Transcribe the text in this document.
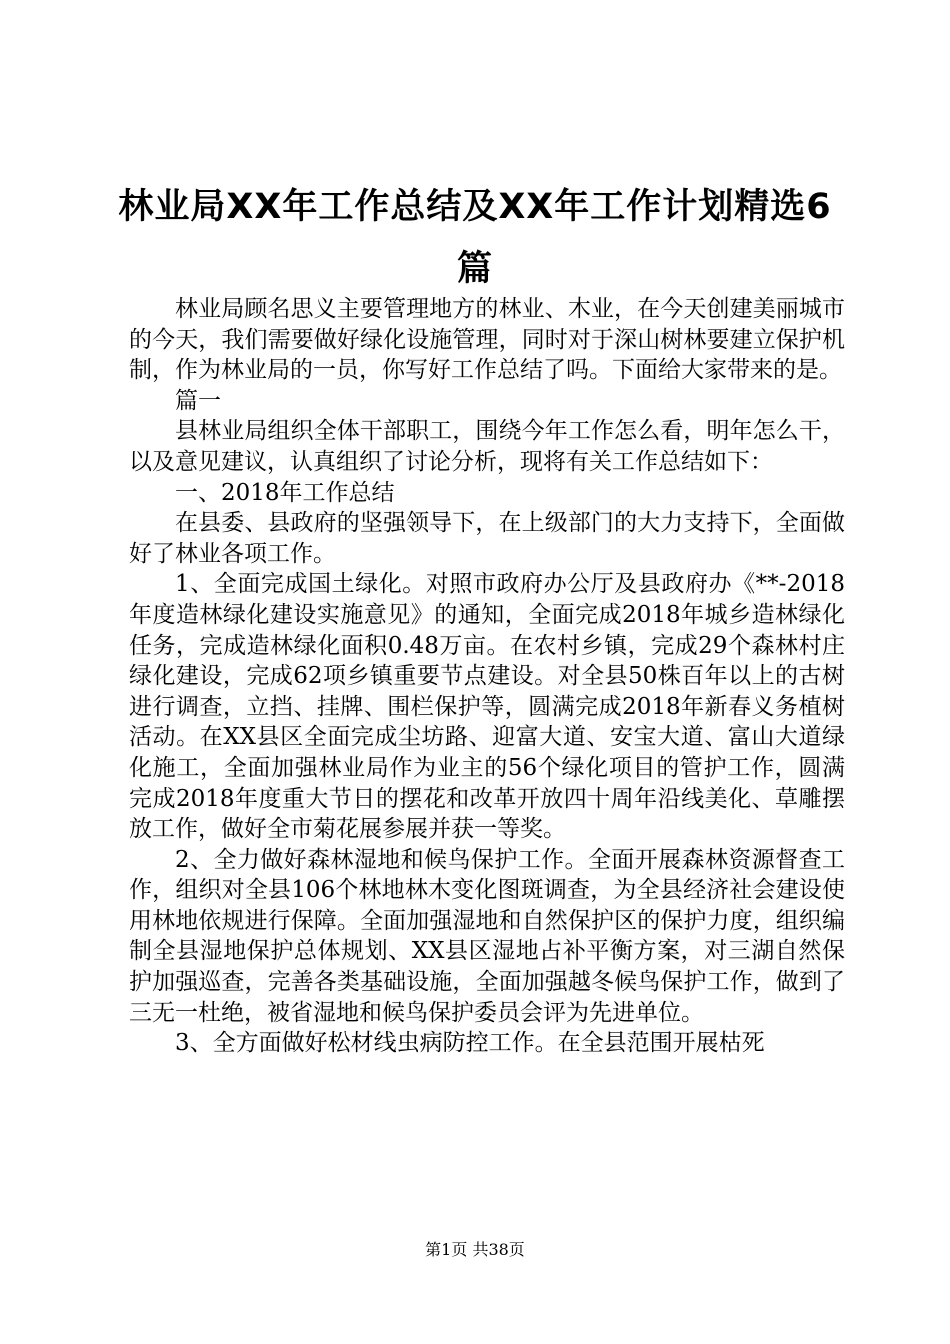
林业局XX年工作总结及XX年工作计划精选6篇

林业局顾名思义主要管理地方的林业、木业，在今天创建美丽城市的今天，我们需要做好绿化设施管理，同时对于深山树林要建立保护机制，作为林业局的一员，你写好工作总结了吗。下面给大家带来的是。

篇一

县林业局组织全体干部职工，围绕今年工作怎么看，明年怎么干，以及意见建议，认真组织了讨论分析，现将有关工作总结如下：

一、2018年工作总结

在县委、县政府的坚强领导下，在上级部门的大力支持下，全面做好了林业各项工作。

1、全面完成国土绿化。对照市政府办公厅及县政府办《**-2018年度造林绿化建设实施意见》的通知，全面完成2018年城乡造林绿化任务，完成造林绿化面积0.48万亩。在农村乡镇，完成29个森林村庄绿化建设，完成62项乡镇重要节点建设。对全县50株百年以上的古树进行调查，立挡、挂牌、围栏保护等，圆满完成2018年新春义务植树活动。在XX县区全面完成尘坊路、迎富大道、安宝大道、富山大道绿化施工，全面加强林业局作为业主的56个绿化项目的管护工作，圆满完成2018年度重大节日的摆花和改革开放四十周年沿线美化、草雕摆放工作，做好全市菊花展参展并获一等奖。

2、全力做好森林湿地和候鸟保护工作。全面开展森林资源督查工作，组织对全县106个林地林木变化图斑调查，为全县经济社会建设使用林地依规进行保障。全面加强湿地和自然保护区的保护力度，组织编制全县湿地保护总体规划、XX县区湿地占补平衡方案，对三湖自然保护加强巡查，完善各类基础设施，全面加强越冬候鸟保护工作，做到了三无一杜绝，被省湿地和候鸟保护委员会评为先进单位。

3、全方面做好松材线虫病防控工作。在全县范围开展枯死

第1页 共38页
